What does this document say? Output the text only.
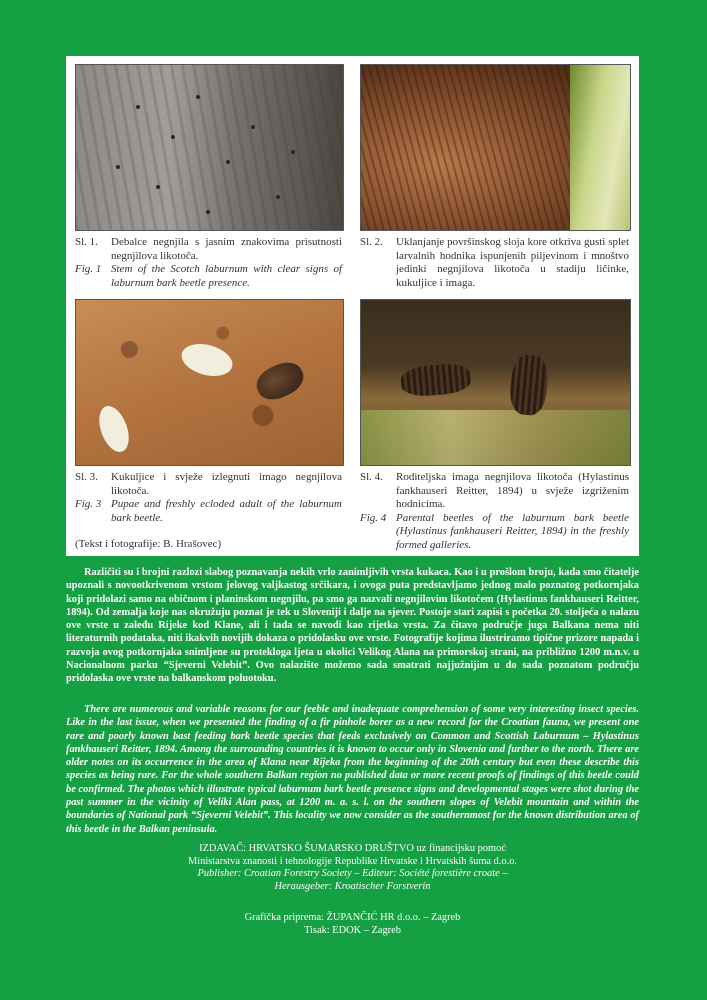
Sl. 1.	Debalce negnjila s jasnim znakovima prisutnosti negnjilova likotoča.
Fig. 1 Stem of the Scotch laburnum with clear signs of laburnum bark beetle presence.
Sl. 2.	Uklanjanje površinskog sloja kore otkriva gusti splet larvalnih hodnika ispunjenih piljevinom i mnoštvo jedinki negnjilova likotoča u stadiju ličinke, kukuljice i imaga.
Sl. 3.	Kukuljice i svježe izlegnuti imago negnjilova likotoča.
Fig. 3 Pupae and freshly ecloded adult of the laburnum bark beetle.
Sl. 4.	Roditeljska imaga negnjilova likotoča (Hylastinus fankhauseri Reitter, 1894) u svježe izgriženim hodnicima.
Fig. 4 Parental beetles of the laburnum bark beetle (Hylastinus fankhauseri Reitter, 1894) in the freshly formed galleries.
(Tekst i fotografije: B. Hrašovec)

Različiti su i brojni razlozi slabog poznavanja nekih vrlo zanimljivih vrsta kukaca. Kao i u prošlom broju, kada smo čitatelje upoznali s novootkrivenom vrstom jelovog valjkastog srčikara, i ovoga puta predstavljamo jednog malo poznatog potkornjaka koji pridolazi samo na običnom i planinskom negnjilu, pa smo ga nazvali negnjilovim likotočem (Hylastinus fankhauseri Reitter, 1894). Od zemalja koje nas okružuju poznat je tek u Sloveniji i dalje na sjever. Postoje stari zapisi s početka 20. stoljeća o nalazu ove vrste u zaleđu Rijeke kod Klane, ali i tada se navodi kao rijetka vrsta. Za čitavo područje juga Balkana nema niti literaturnih podataka, niti ikakvih novijih dokaza o pridolasku ove vrste. Fotografije kojima ilustriramo tipične prizore napada i razvoja ovog potkornjaka snimljene su protekloga ljeta u okolici Velikog Alana na primorskoj strani, na približno 1200 m.n.v. u Nacionalnom parku “Sjeverni Velebit”. Ovo nalazište možemo sada smatrati najjužnijim u do sada poznatom području pridolaska ove vrste na balkanskom poluotoku.

There are numerous and variable reasons for our feeble and inadequate comprehension of some very interesting insect species. Like in the last issue, when we presented the finding of a fir pinhole borer as a new record for the Croatian fauna, we present one rare and poorly known bast feeding bark beetle species that feeds exclusively on Common and Scottish Laburnum – Hylastinus fankhauseri Reitter, 1894. Among the surrounding countries it is known to occur only in Slovenia and further to the north. There are older notes on its occurrence in the area of Klana near Rijeka from the beginning of the 20th century but even these describe this species as being rare. For the whole southern Balkan region no published data or more recent proofs of findings of this beetle could be confirmed. The photos which illustrate typical laburnum bark beetle presence signs and developmental stages were shot during the past summer in the vicinity of Veliki Alan pass, at 1200 m. a. s. l. on the southern slopes of Velebit mountain and within the boundaries of National park “Sjeverni Velebit”. This locality we now consider as the southernmost for the known distribution area of this beetle in the Balkan peninsula.

IZDAVAČ: HRVATSKO ŠUMARSKO DRUŠTVO uz financijsku pomoć
Ministarstva znanosti i tehnologije Republike Hrvatske i Hrvatskih šuma d.o.o.
Publisher: Croatian Forestry Society – Editeur: Société forestière croate –
Herausgeber: Kroatischer Forstverin
Grafička priprema: ŽUPANČIĆ HR d.o.o. – Zagreb
Tisak: EDOK – Zagreb
